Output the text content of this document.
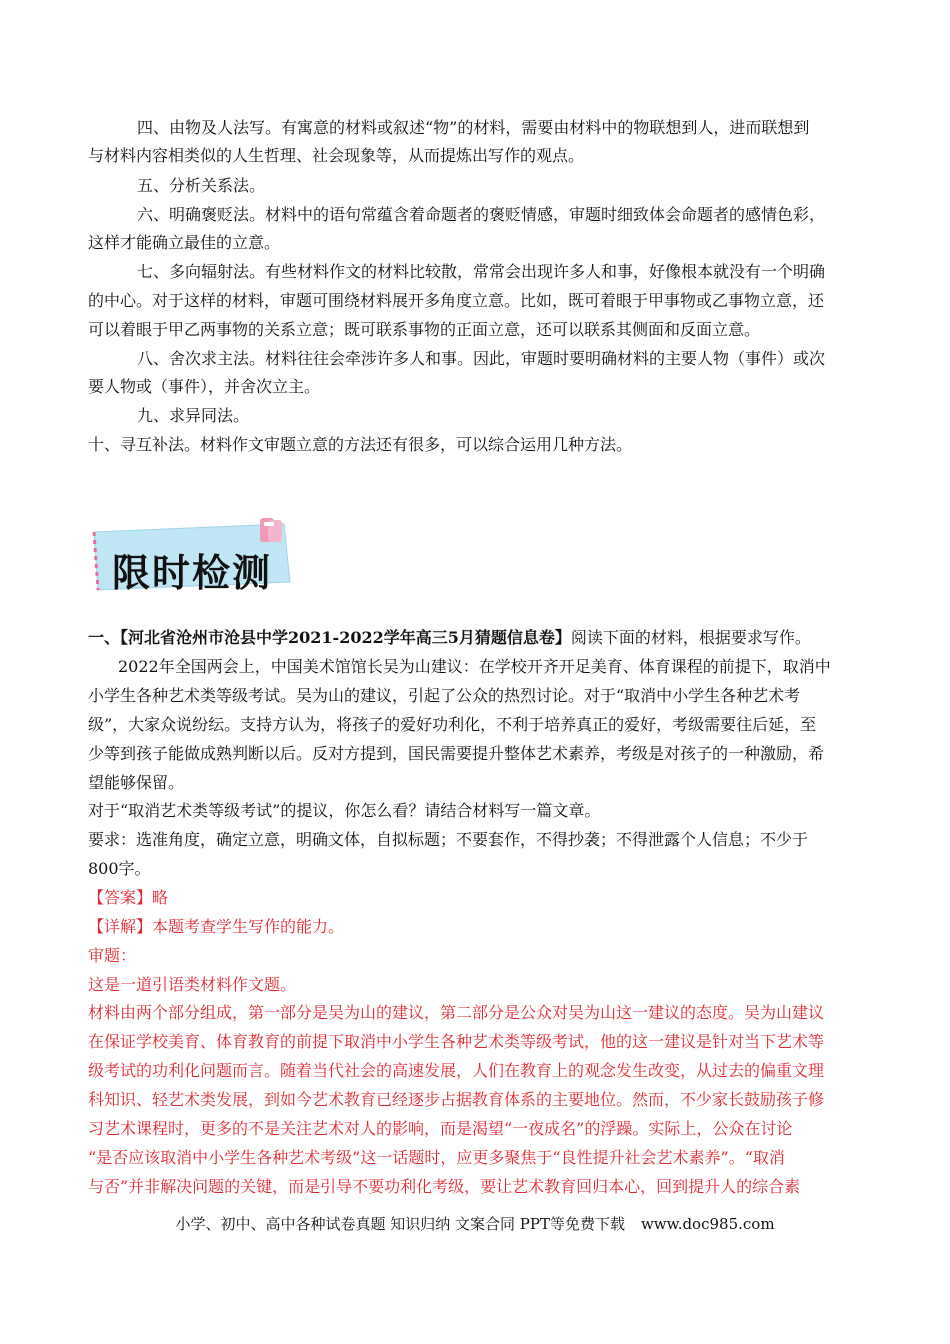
四、由物及人法写。有寓意的材料或叙述“物”的材料，需要由材料中的物联想到人，进而联想到
与材料内容相类似的人生哲理、社会现象等，从而提炼出写作的观点。
五、分析关系法。
六、明确褒贬法。材料中的语句常蕴含着命题者的褒贬情感，审题时细致体会命题者的感情色彩，
这样才能确立最佳的立意。
七、多向辐射法。有些材料作文的材料比较散，常常会出现许多人和事，好像根本就没有一个明确
的中心。对于这样的材料，审题可围绕材料展开多角度立意。比如，既可着眼于甲事物或乙事物立意，还
可以着眼于甲乙两事物的关系立意；既可联系事物的正面立意，还可以联系其侧面和反面立意。
八、舍次求主法。材料往往会牵涉许多人和事。因此，审题时要明确材料的主要人物（事件）或次
要人物或（事件），并舍次立主。
九、求异同法。
十、寻互补法。材料作文审题立意的方法还有很多，可以综合运用几种方法。
限时检测
一、【河北省沧州市沧县中学2021-2022学年高三5月猜题信息卷】阅读下面的材料，根据要求写作。
2022年全国两会上，中国美术馆馆长吴为山建议：在学校开齐开足美育、体育课程的前提下，取消中
小学生各种艺术类等级考试。吴为山的建议，引起了公众的热烈讨论。对于“取消中小学生各种艺术考
级”，大家众说纷纭。支持方认为，将孩子的爱好功利化，不利于培养真正的爱好，考级需要往后延，至
少等到孩子能做成熟判断以后。反对方提到，国民需要提升整体艺术素养，考级是对孩子的一种激励，希
望能够保留。
对于“取消艺术类等级考试”的提议，你怎么看？请结合材料写一篇文章。
要求：选准角度，确定立意，明确文体，自拟标题；不要套作，不得抄袭；不得泄露个人信息；不少于
800字。
【答案】略
【详解】本题考查学生写作的能力。
审题：
这是一道引语类材料作文题。
材料由两个部分组成，第一部分是吴为山的建议，第二部分是公众对吴为山这一建议的态度。吴为山建议
在保证学校美育、体育教育的前提下取消中小学生各种艺术类等级考试，他的这一建议是针对当下艺术等
级考试的功利化问题而言。随着当代社会的高速发展，人们在教育上的观念发生改变，从过去的偏重文理
科知识、轻艺术类发展，到如今艺术教育已经逐步占据教育体系的主要地位。然而，不少家长鼓励孩子修
习艺术课程时，更多的不是关注艺术对人的影响，而是渴望“一夜成名”的浮躁。实际上，公众在讨论
“是否应该取消中小学生各种艺术考级”这一话题时，应更多聚焦于“良性提升社会艺术素养”。“取消
与否”并非解决问题的关键，而是引导不要功利化考级，要让艺术教育回归本心，回到提升人的综合素
小学、初中、高中各种试卷真题 知识归纳 文案合同 PPT等免费下载 www.doc985.com
